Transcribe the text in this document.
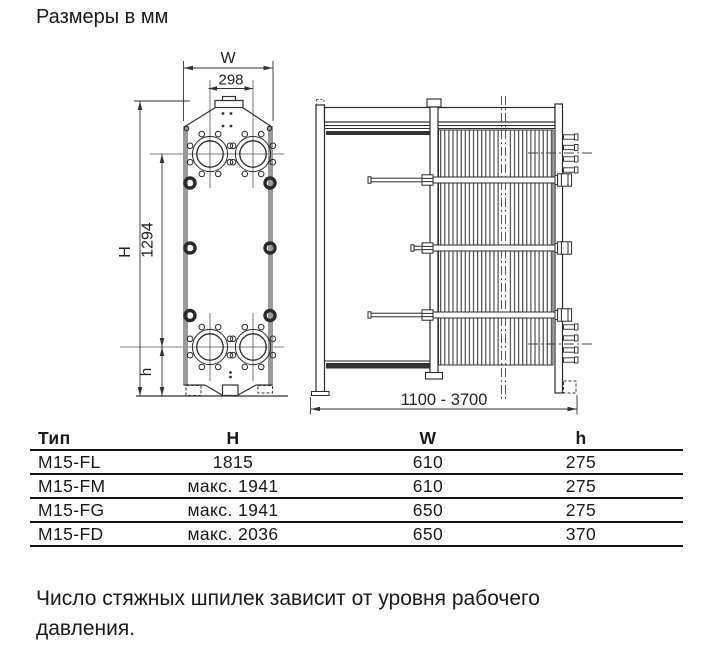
Размеры в мм
W
298
H 1294
h
1100 - 3700
Тип	H	W	h
M15-FL	1815	610	275
M15-FM	макс. 1941	610	275
M15-FG	макс. 1941	650	275
M15-FD	макс. 2036	650	370
Число стяжных шпилек зависит от уровня рабочего давления.
